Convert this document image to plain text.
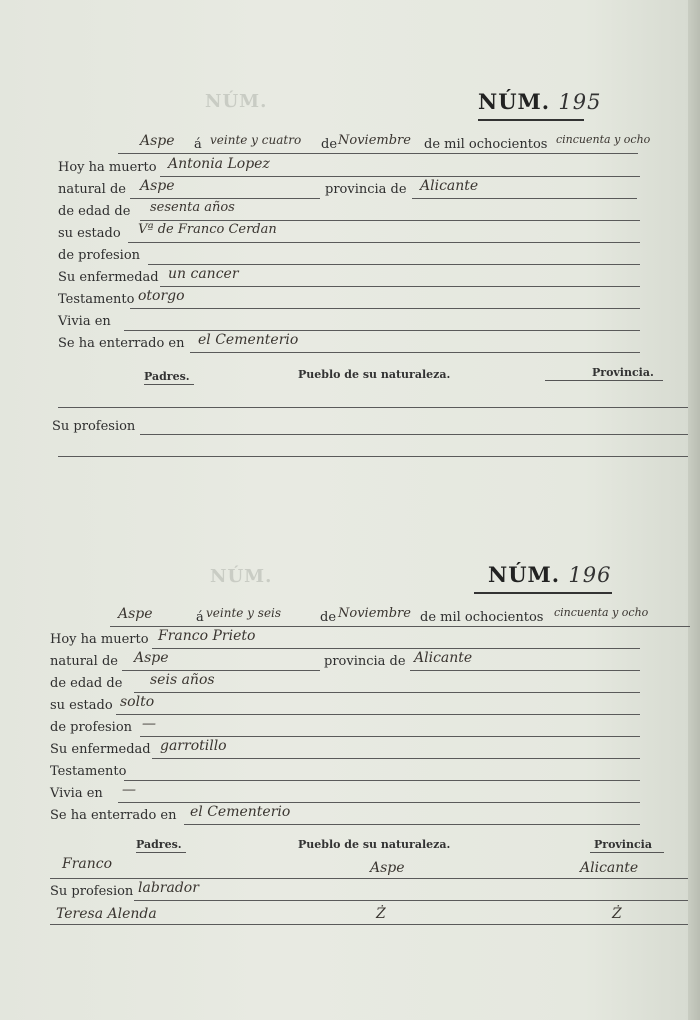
NÚM.	NÚM. 195
Aspe á veinte y cuatro de Noviembre de mil ochocientos cincuenta y ocho
Hoy ha muerto Antonia Lopez
natural de Aspe	provincia de Alicante
de edad de sesenta años
su estado Vª de Franco Cerdan
de profesion
Su enfermedad un cancer
Testamento otorgo
Vivia en
Se ha enterrado en el Cementerio
Padres.	Pueblo de su naturaleza.	Provincia.
Su profesion
NÚM.	NÚM. 196
Aspe	á veinte y seis	de Noviembre de mil ochocientos cincuenta y ocho
Hoy ha muerto Franco Prieto
natural de Aspe	provincia de Alicante
de edad de seis años
su estado solto
de profesion —
Su enfermedad garrotillo
Testamento
Vivia en —
Se ha enterrado en el Cementerio
Padres.	Pueblo de su naturaleza.	Provincia
Franco	Aspe	Alicante
Su profesion labrador
Teresa Alenda	Ż	Ż
